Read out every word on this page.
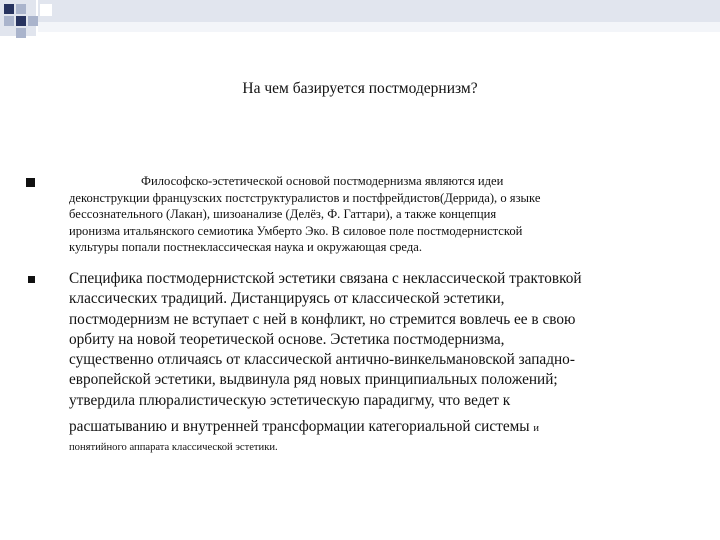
На чем базируется постмодернизм?
Философско-эстетической основой постмодернизма являются идеи
деконструкции французских постструктуралистов и постфрейдистов(Деррида), о языке
бессознательного (Лакан), шизоанализе (Делёз, Ф. Гаттари), а также концепция
иронизма итальянского семиотика Умберто Эко. В силовое поле постмодернистской
культуры попали постнеклассическая наука и окружающая среда.
Специфика постмодернистской эстетики связана с неклассической трактовкой
классических традиций. Дистанцируясь от классической эстетики,
постмодернизм не вступает с ней в конфликт, но стремится вовлечь ее в свою
орбиту на новой теоретической основе. Эстетика постмодернизма,
существенно отличаясь от классической антично-винкельмановской западно-
европейской эстетики, выдвинула ряд новых принципиальных положений;
утвердила плюралистическую эстетическую парадигму, что ведет к
расшатыванию и внутренней трансформации категориальной системы и
понятийного аппарата классической эстетики.
